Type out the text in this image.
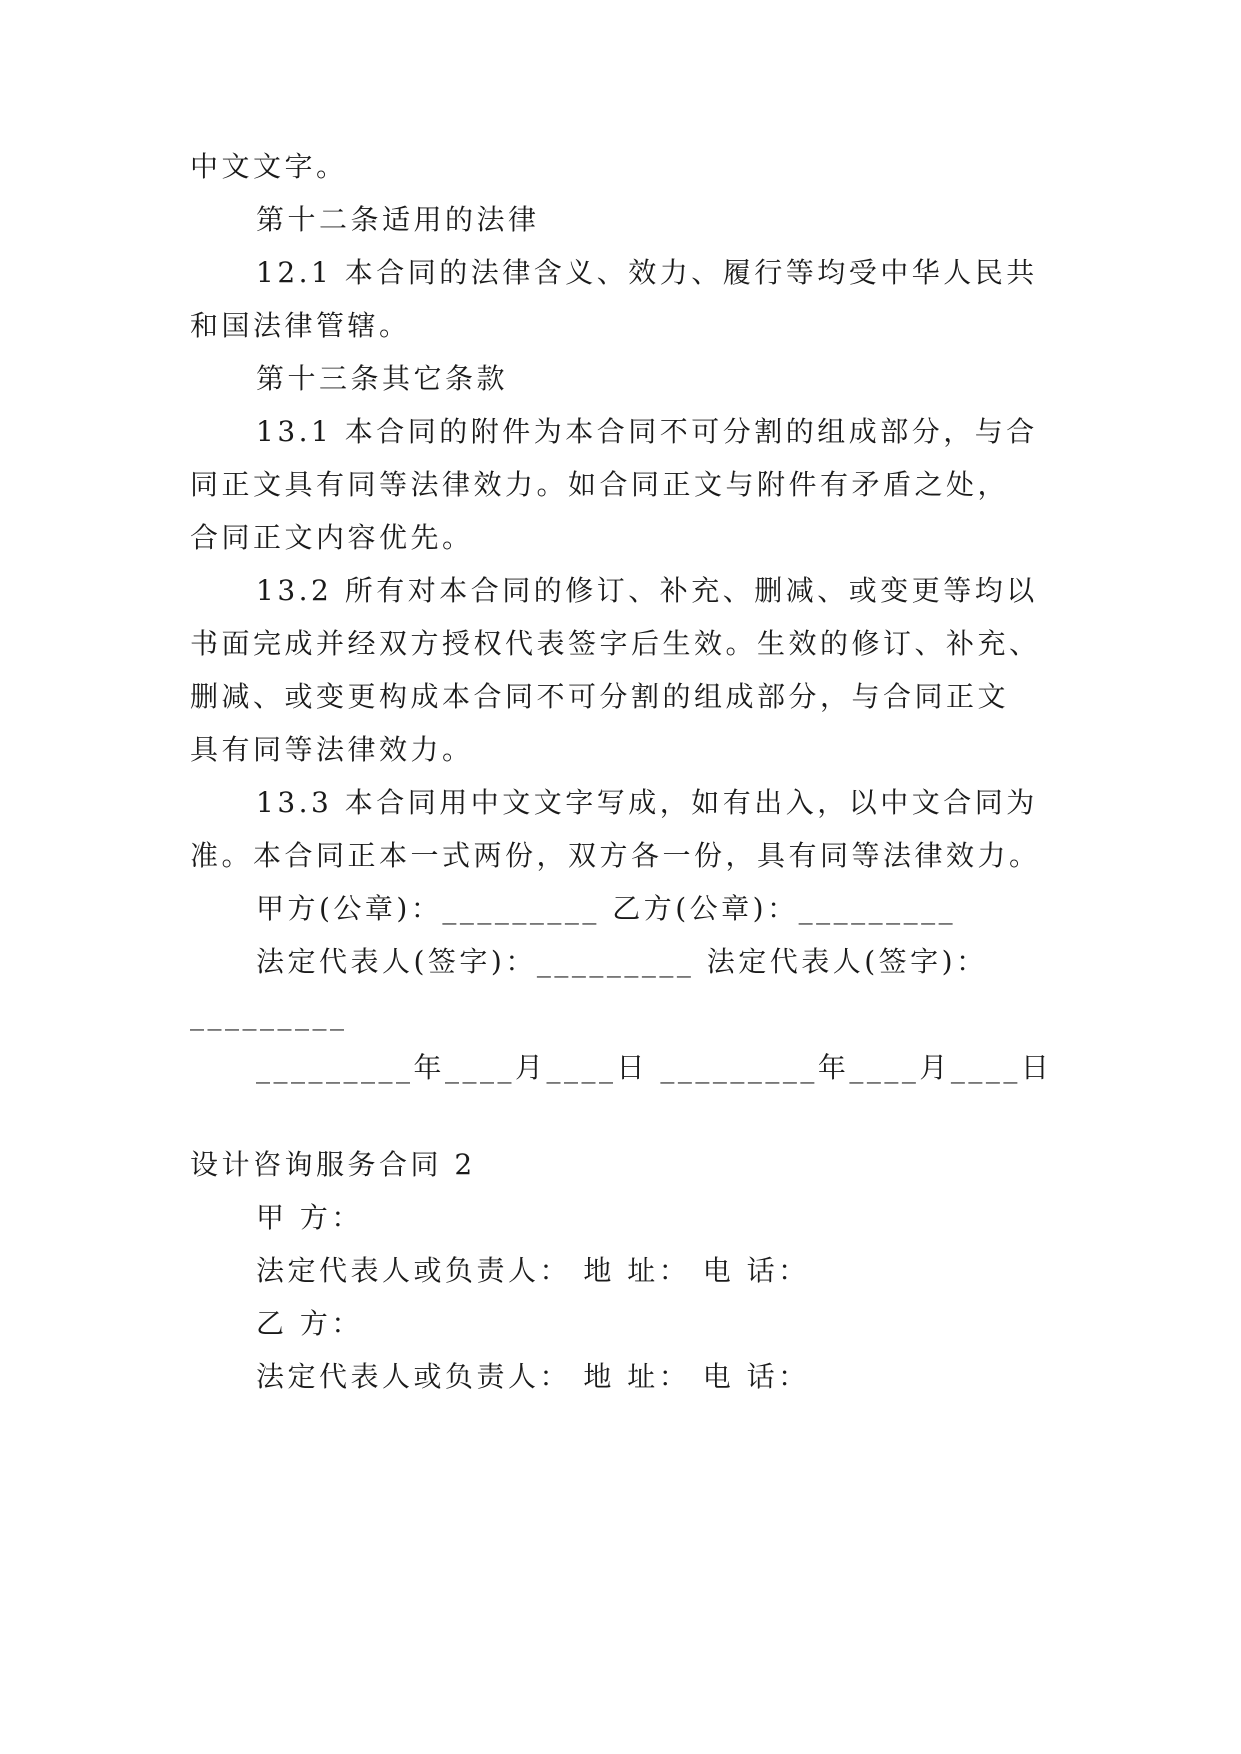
中文文字。

第十二条适用的法律

12.1 本合同的法律含义、效力、履行等均受中华人民共

和国法律管辖。

第十三条其它条款

13.1 本合同的附件为本合同不可分割的组成部分，与合

同正文具有同等法律效力。如合同正文与附件有矛盾之处，

合同正文内容优先。

13.2 所有对本合同的修订、补充、删减、或变更等均以

书面完成并经双方授权代表签字后生效。生效的修订、补充、

删减、或变更构成本合同不可分割的组成部分，与合同正文

具有同等法律效力。

13.3 本合同用中文文字写成，如有出入，以中文合同为

准。本合同正本一式两份，双方各一份，具有同等法律效力。

甲方(公章)：_________ 乙方(公章)：_________

法定代表人(签字)：_________ 法定代表人(签字)：

_________

_________年____月____日 _________年____月____日

设计咨询服务合同 2

甲 方：

法定代表人或负责人： 地 址： 电 话：

乙 方：

法定代表人或负责人： 地 址： 电 话：
